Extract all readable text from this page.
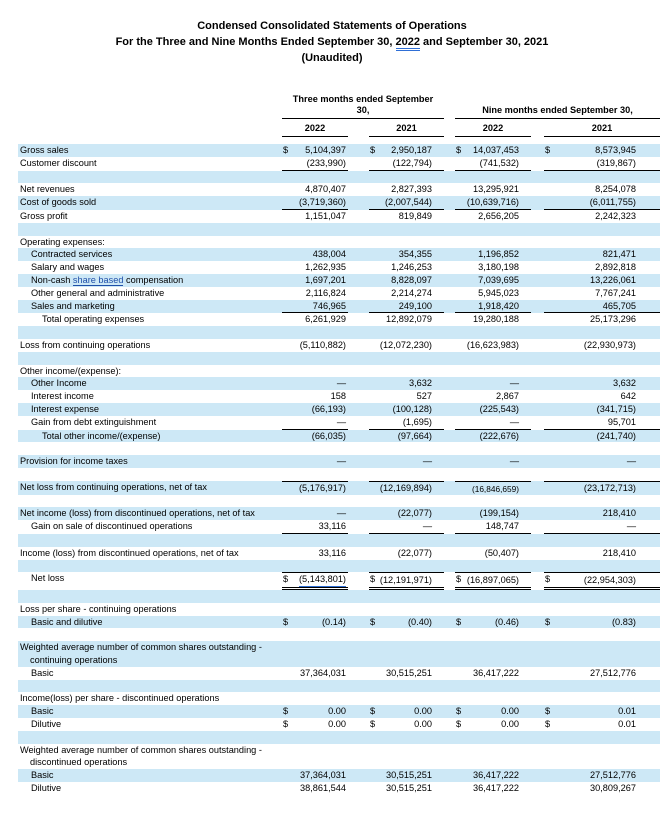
Condensed Consolidated Statements of Operations
For the Three and Nine Months Ended September 30, 2022 and September 30, 2021
(Unaudited)
Three months ended September
30,	Nine months ended September 30,
2022	2021	2022	2021
Gross sales	$ 5,104,397	$ 2,950,187	$ 14,037,453	$	8,573,945
Customer discount	(233,990)	(122,794)	(741,532)	(319,867)
Net revenues	4,870,407	2,827,393	13,295,921	8,254,078
Cost of goods sold	(3,719,360)	(2,007,544)	(10,639,716)	(6,011,755)
Gross profit	1,151,047	819,849	2,656,205	2,242,323
Operating expenses:
Contracted services	438,004	354,355	1,196,852	821,471
Salary and wages	1,262,935	1,246,253	3,180,198	2,892,818
Non-cash share based compensation	1,697,201	8,828,097	7,039,695	13,226,061
Other general and administrative	2,116,824	2,214,274	5,945,023	7,767,241
Sales and marketing	746,965	249,100	1,918,420	465,705
Total operating expenses	6,261,929	12,892,079	19,280,188	25,173,296
Loss from continuing operations	(5,110,882)	(12,072,230)	(16,623,983)	(22,930,973)
Other income/(expense):
Other Income	—	3,632	—	3,632
Interest income	158	527	2,867	642
Interest expense	(66,193)	(100,128)	(225,543)	(341,715)
Gain from debt extinguishment	—	(1,695)	—	95,701
Total other income/(expense)	(66,035)	(97,664)	(222,676)	(241,740)
Provision for income taxes	—	—	—	—
Net loss from continuing operations, net of tax	(5,176,917)	(12,169,894)	(16,846,659)	(23,172,713)
Net income (loss) from discontinued operations, net of tax	—	(22,077)	(199,154)	218,410
Gain on sale of discontinued operations	33,116	—	148,747	—
Income (loss) from discontinued operations, net of tax	33,116	(22,077)	(50,407)	218,410
Net loss	$ (5,143,801)	$ (12,191,971)	$ (16,897,065)	$	(22,954,303)
Loss per share - continuing operations
Basic and dilutive	$	(0.14)	$	(0.40)	$	(0.46)	$	(0.83)
Weighted average number of common shares outstanding -
continuing operations
Basic	37,364,031	30,515,251	36,417,222	27,512,776
Income(loss) per share - discontinued operations
Basic	$	0.00	$	0.00	$	0.00	$	0.01
Dilutive	$	0.00	$	0.00	$	0.00	$	0.01
Weighted average number of common shares outstanding -
discontinued operations
Basic	37,364,031	30,515,251	36,417,222	27,512,776
Dilutive	38,861,544	30,515,251	36,417,222	30,809,267
